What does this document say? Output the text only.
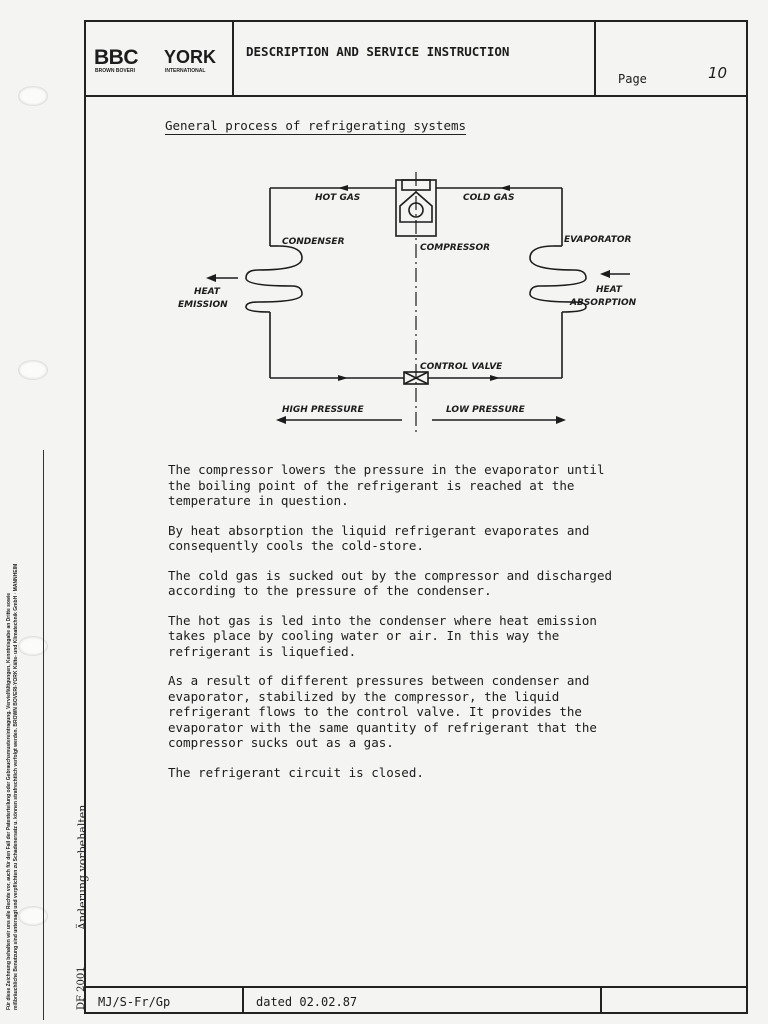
Für diese Zeichnung behalten wir uns alle Rechte vor, auch für den Fall der Patenterteilung oder Gebrauchsmustereintragung. Vervielfältigungen, Kenntnisgabe an Dritte sowie mißbräuchliche Benutzung sind untersagt und verpflichten zu Schadenersatz u. können strafrechtlich verfolgt werden. BROWN BOVERI-YORK Kälte- und Klimatechnik GmbH · MANNHEIM	Änderung vorbehalten
DF 2001
BBC
BROWN BOVERI
YORK
INTERNATIONAL
DESCRIPTION AND SERVICE INSTRUCTION
Page	10
General process of refrigerating systems
HOT GAS	COLD GAS
CONDENSER
COMPRESSOR
EVAPORATOR
HEAT
EMISSION
HEAT
ABSORPTION
CONTROL VALVE
HIGH PRESSURE	LOW PRESSURE

The compressor lowers the pressure in the evaporator until
the boiling point of the refrigerant is reached at the
temperature in question.

By heat absorption the liquid refrigerant evaporates and
consequently cools the cold-store.

The cold gas is sucked out by the compressor and discharged
according to the pressure of the condenser.

The hot gas is led into the condenser where heat emission
takes place by cooling water or air. In this way the
refrigerant is liquefied.

As a result of different pressures between condenser and
evaporator, stabilized by the compressor, the liquid
refrigerant flows to the control valve. It provides the
evaporator with the same quantity of refrigerant that the
compressor sucks out as a gas.

The refrigerant circuit is closed.

MJ/S-Fr/Gp	dated 02.02.87
